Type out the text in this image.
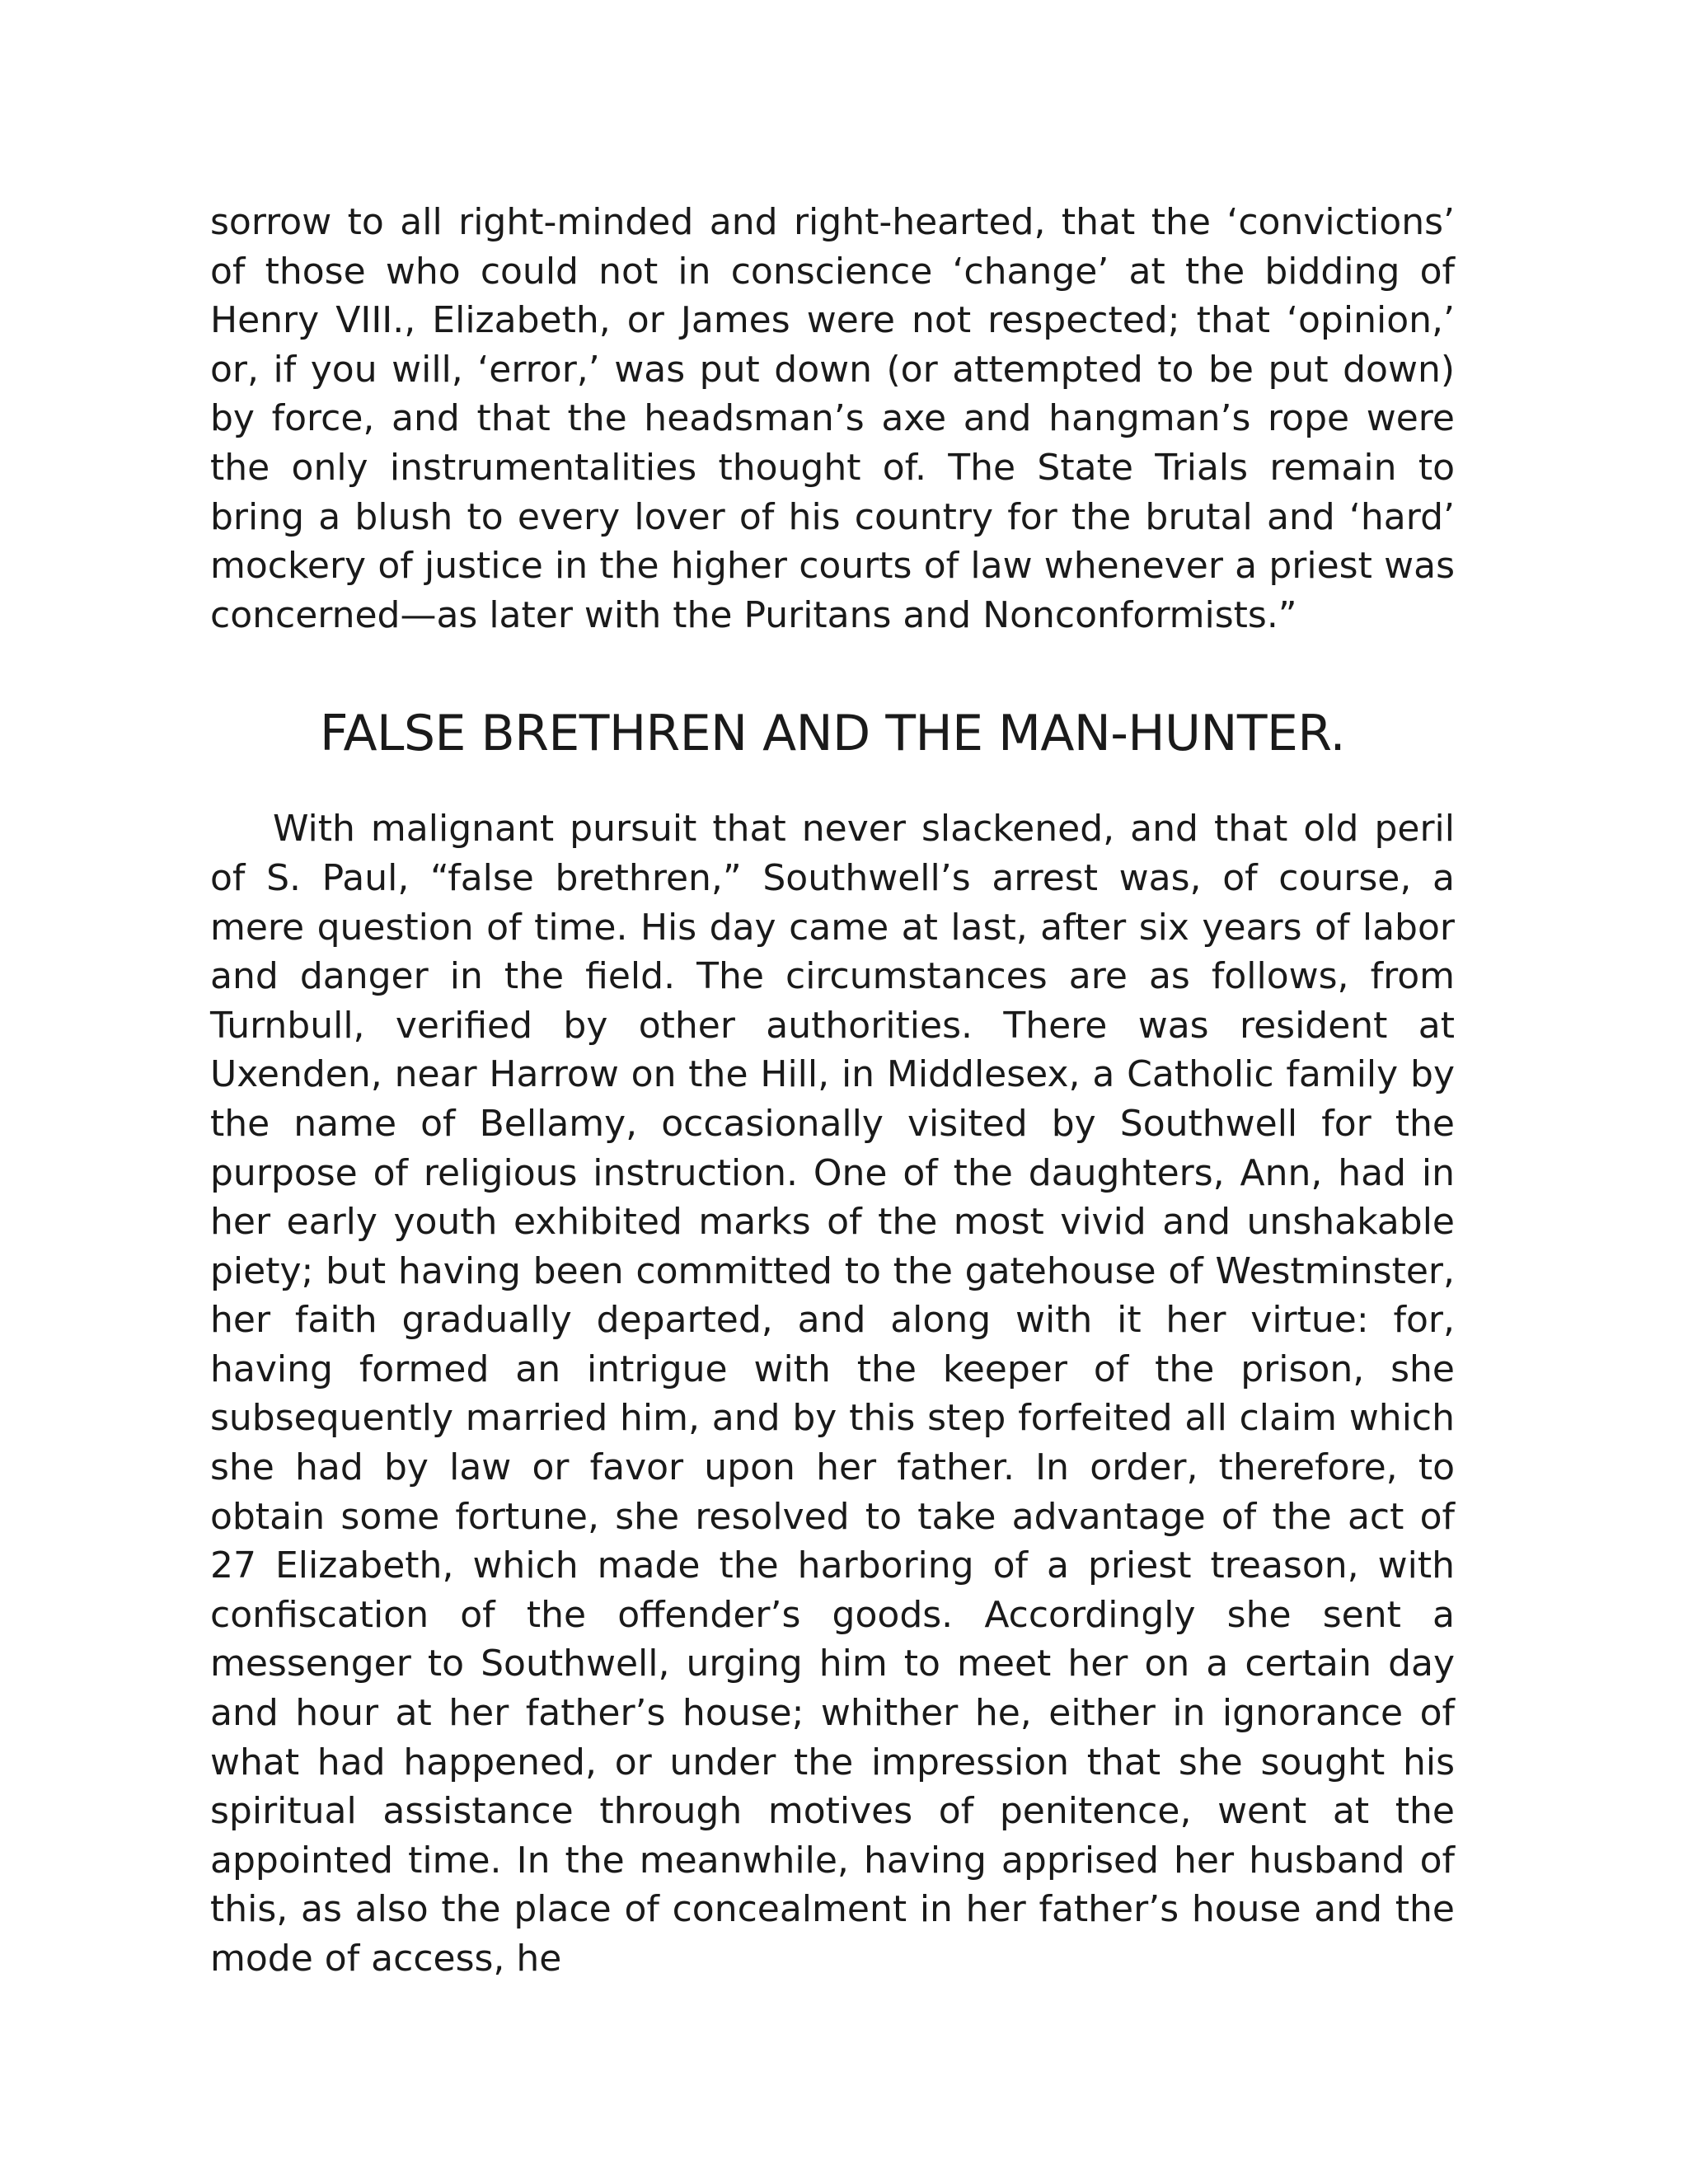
sorrow to all right-minded and right-hearted, that the ‘convictions’ of those who could not in conscience ‘change’ at the bidding of Henry VIII., Elizabeth, or James were not respected; that ‘opinion,’ or, if you will, ‘error,’ was put down (or attempted to be put down) by force, and that the headsman’s axe and hangman’s rope were the only instrumentalities thought of. The State Trials remain to bring a blush to every lover of his country for the brutal and ‘hard’ mockery of justice in the higher courts of law whenever a priest was concerned—as later with the Puritans and Nonconformists.”

FALSE BRETHREN AND THE MAN-HUNTER.

With malignant pursuit that never slackened, and that old peril of S. Paul, “false brethren,” Southwell’s arrest was, of course, a mere question of time. His day came at last, after six years of labor and danger in the field. The circumstances are as follows, from Turnbull, verified by other authorities. There was resident at Uxenden, near Harrow on the Hill, in Middlesex, a Catholic family by the name of Bellamy, occasionally visited by Southwell for the purpose of religious instruction. One of the daughters, Ann, had in her early youth exhibited marks of the most vivid and unshakable piety; but having been committed to the gatehouse of Westminster, her faith gradually departed, and along with it her virtue: for, having formed an intrigue with the keeper of the prison, she subsequently married him, and by this step forfeited all claim which she had by law or favor upon her father. In order, therefore, to obtain some fortune, she resolved to take advantage of the act of 27 Elizabeth, which made the harboring of a priest treason, with confiscation of the offender’s goods. Accordingly she sent a messenger to Southwell, urging him to meet her on a certain day and hour at her father’s house; whither he, either in ignorance of what had happened, or under the impression that she sought his spiritual assistance through motives of penitence, went at the appointed time. In the meanwhile, having apprised her husband of this, as also the place of concealment in her father’s house and the mode of access, he
